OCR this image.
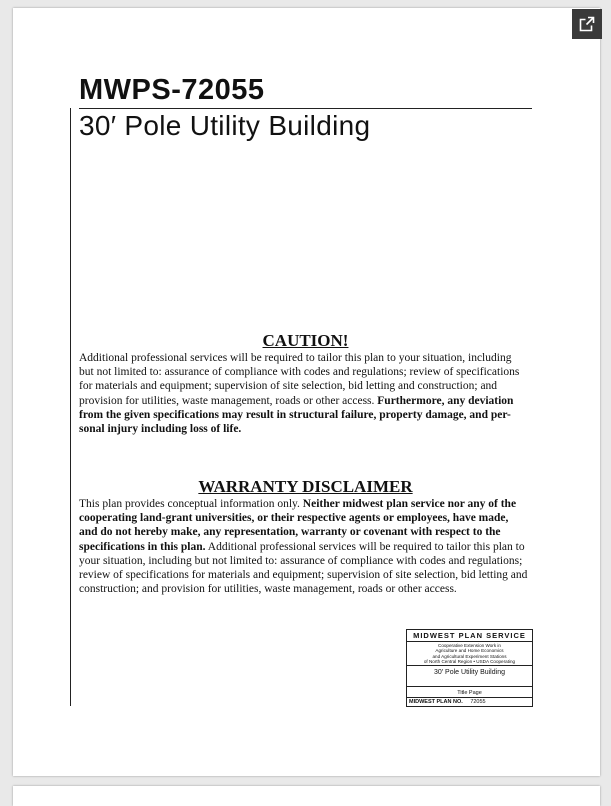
MWPS-72055
30′ Pole Utility Building
CAUTION!
Additional professional services will be required to tailor this plan to your situation, including
but not limited to: assurance of compliance with codes and regulations; review of specifications
for materials and equipment; supervision of site selection, bid letting and construction; and
provision for utilities, waste management, roads or other access. Furthermore, any deviation
from the given specifications may result in structural failure, property damage, and per-
sonal injury including loss of life.
WARRANTY DISCLAIMER
This plan provides conceptual information only. Neither midwest plan service nor any of the
cooperating land-grant universities, or their respective agents or employees, have made,
and do not hereby make, any representation, warranty or covenant with respect to the
specifications in this plan. Additional professional services will be required to tailor this plan to
your situation, including but not limited to: assurance of compliance with codes and regulations;
review of specifications for materials and equipment; supervision of site selection, bid letting and
construction; and provision for utilities, waste management, roads or other access.
MIDWEST PLAN SERVICE
Cooperative Extension Work in
Agriculture and Home Economics
and Agricultural Experiment Stations
of North Central Region • USDA Cooperating
30′ Pole Utility Building
Title Page
MIDWEST PLAN NO. 72055
